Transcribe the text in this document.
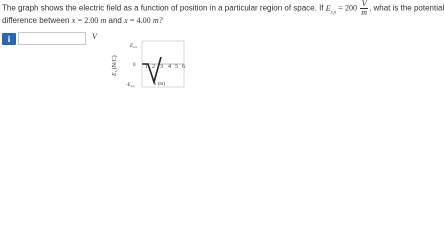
The graph shows the electric field as a function of position in a particular region of space. If $E_{s,x} = 200 \frac{V}{m}$ , what is the potential
difference between x = 2.00 m and x = 4.00 m?
i	V
Ex(N/C)
$E_{s,x}$
0
$-E_{s,x}$
1 2 3 4 5 6
x (m)
